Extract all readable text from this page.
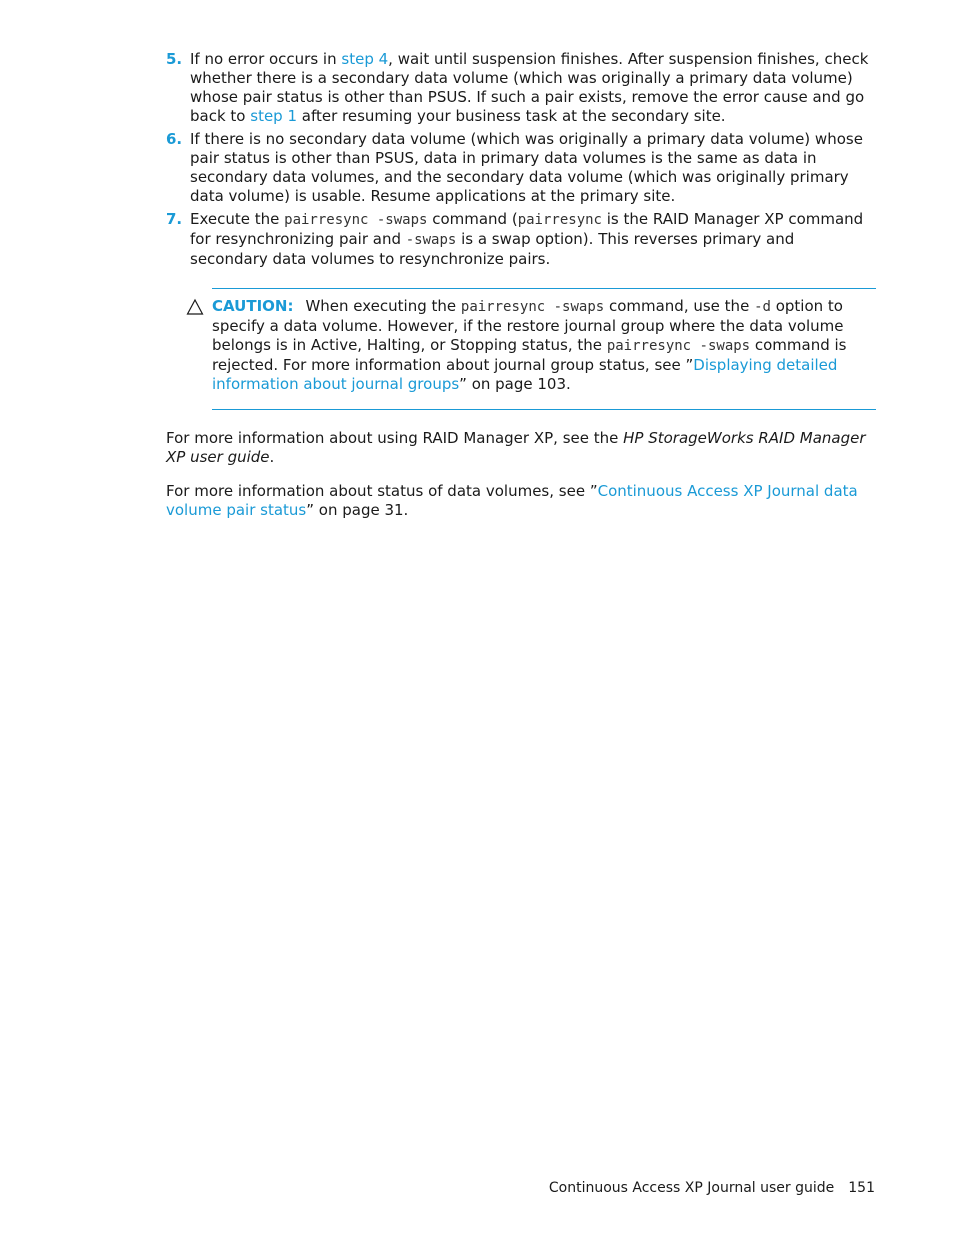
5. If no error occurs in step 4, wait until suspension finishes. After suspension finishes, check whether there is a secondary data volume (which was originally a primary data volume) whose pair status is other than PSUS. If such a pair exists, remove the error cause and go back to step 1 after resuming your business task at the secondary site.
6. If there is no secondary data volume (which was originally a primary data volume) whose pair status is other than PSUS, data in primary data volumes is the same as data in secondary data volumes, and the secondary data volume (which was originally primary data volume) is usable. Resume applications at the primary site.
7. Execute the pairresync -swaps command (pairresync is the RAID Manager XP command for resynchronizing pair and -swaps is a swap option). This reverses primary and secondary data volumes to resynchronize pairs.
CAUTION: When executing the pairresync -swaps command, use the -d option to specify a data volume. However, if the restore journal group where the data volume belongs is in Active, Halting, or Stopping status, the pairresync -swaps command is rejected. For more information about journal group status, see ”Displaying detailed information about journal groups” on page 103.

For more information about using RAID Manager XP, see the HP StorageWorks RAID Manager XP user guide.

For more information about status of data volumes, see ”Continuous Access XP Journal data volume pair status” on page 31.

Continuous Access XP Journal user guide 151
